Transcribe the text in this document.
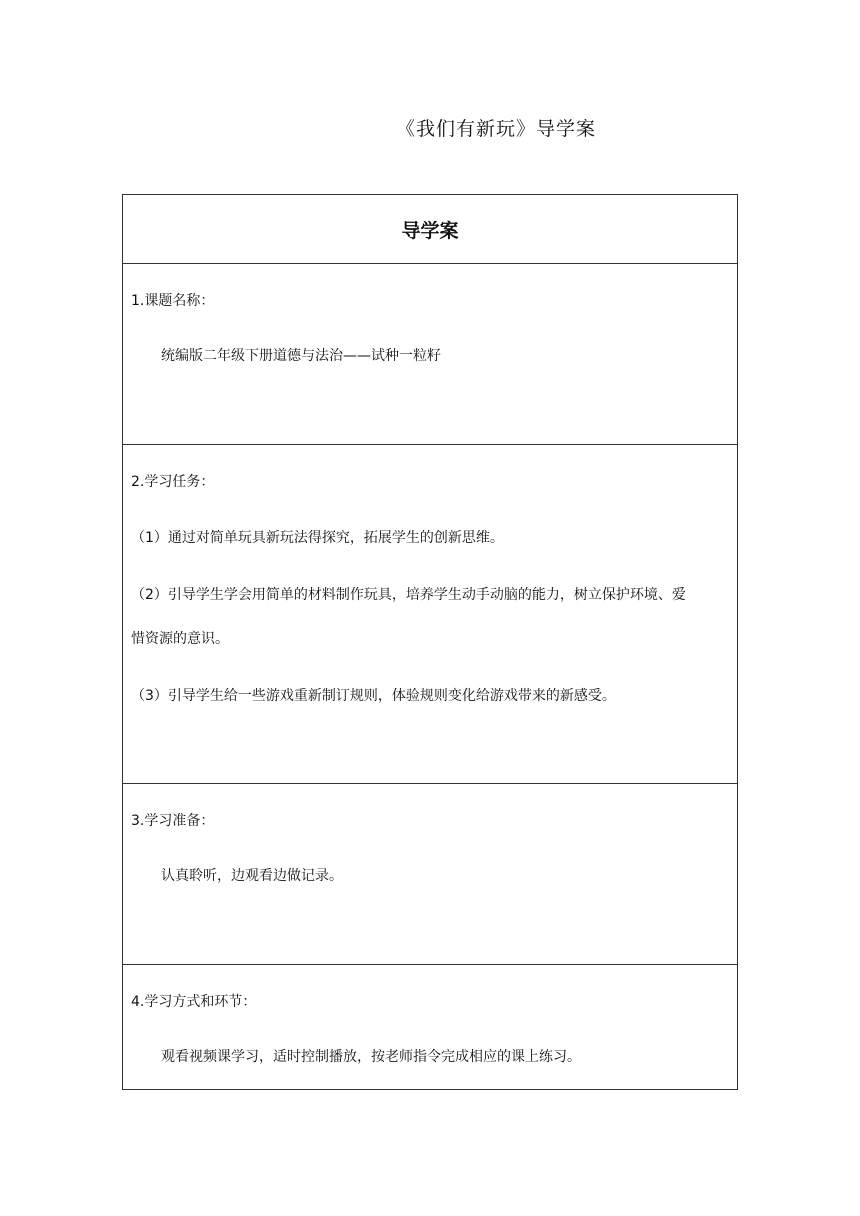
《我们有新玩》导学案
导学案
1.课题名称：
统编版二年级下册道德与法治——试种一粒籽
2.学习任务：
（1）通过对简单玩具新玩法得探究，拓展学生的创新思维。
（2）引导学生学会用简单的材料制作玩具，培养学生动手动脑的能力，树立保护环境、爱
惜资源的意识。
（3）引导学生给一些游戏重新制订规则，体验规则变化给游戏带来的新感受。
3.学习准备：
认真聆听，边观看边做记录。
4.学习方式和环节：
观看视频课学习，适时控制播放，按老师指令完成相应的课上练习。
